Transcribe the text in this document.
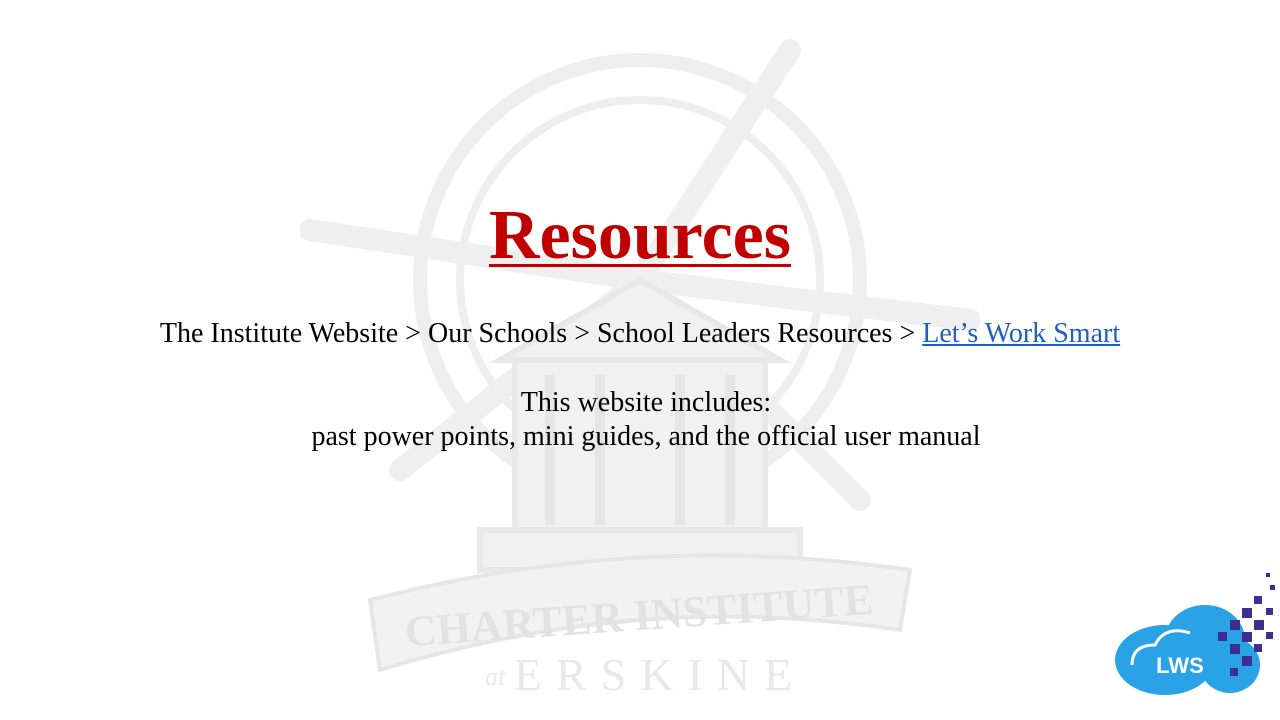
CHARTER INSTITUTE
at ERSKINE
Resources
The Institute Website > Our Schools > School Leaders Resources > Let’s Work Smart
This website includes:
past power points, mini guides, and the official user manual
LWS
